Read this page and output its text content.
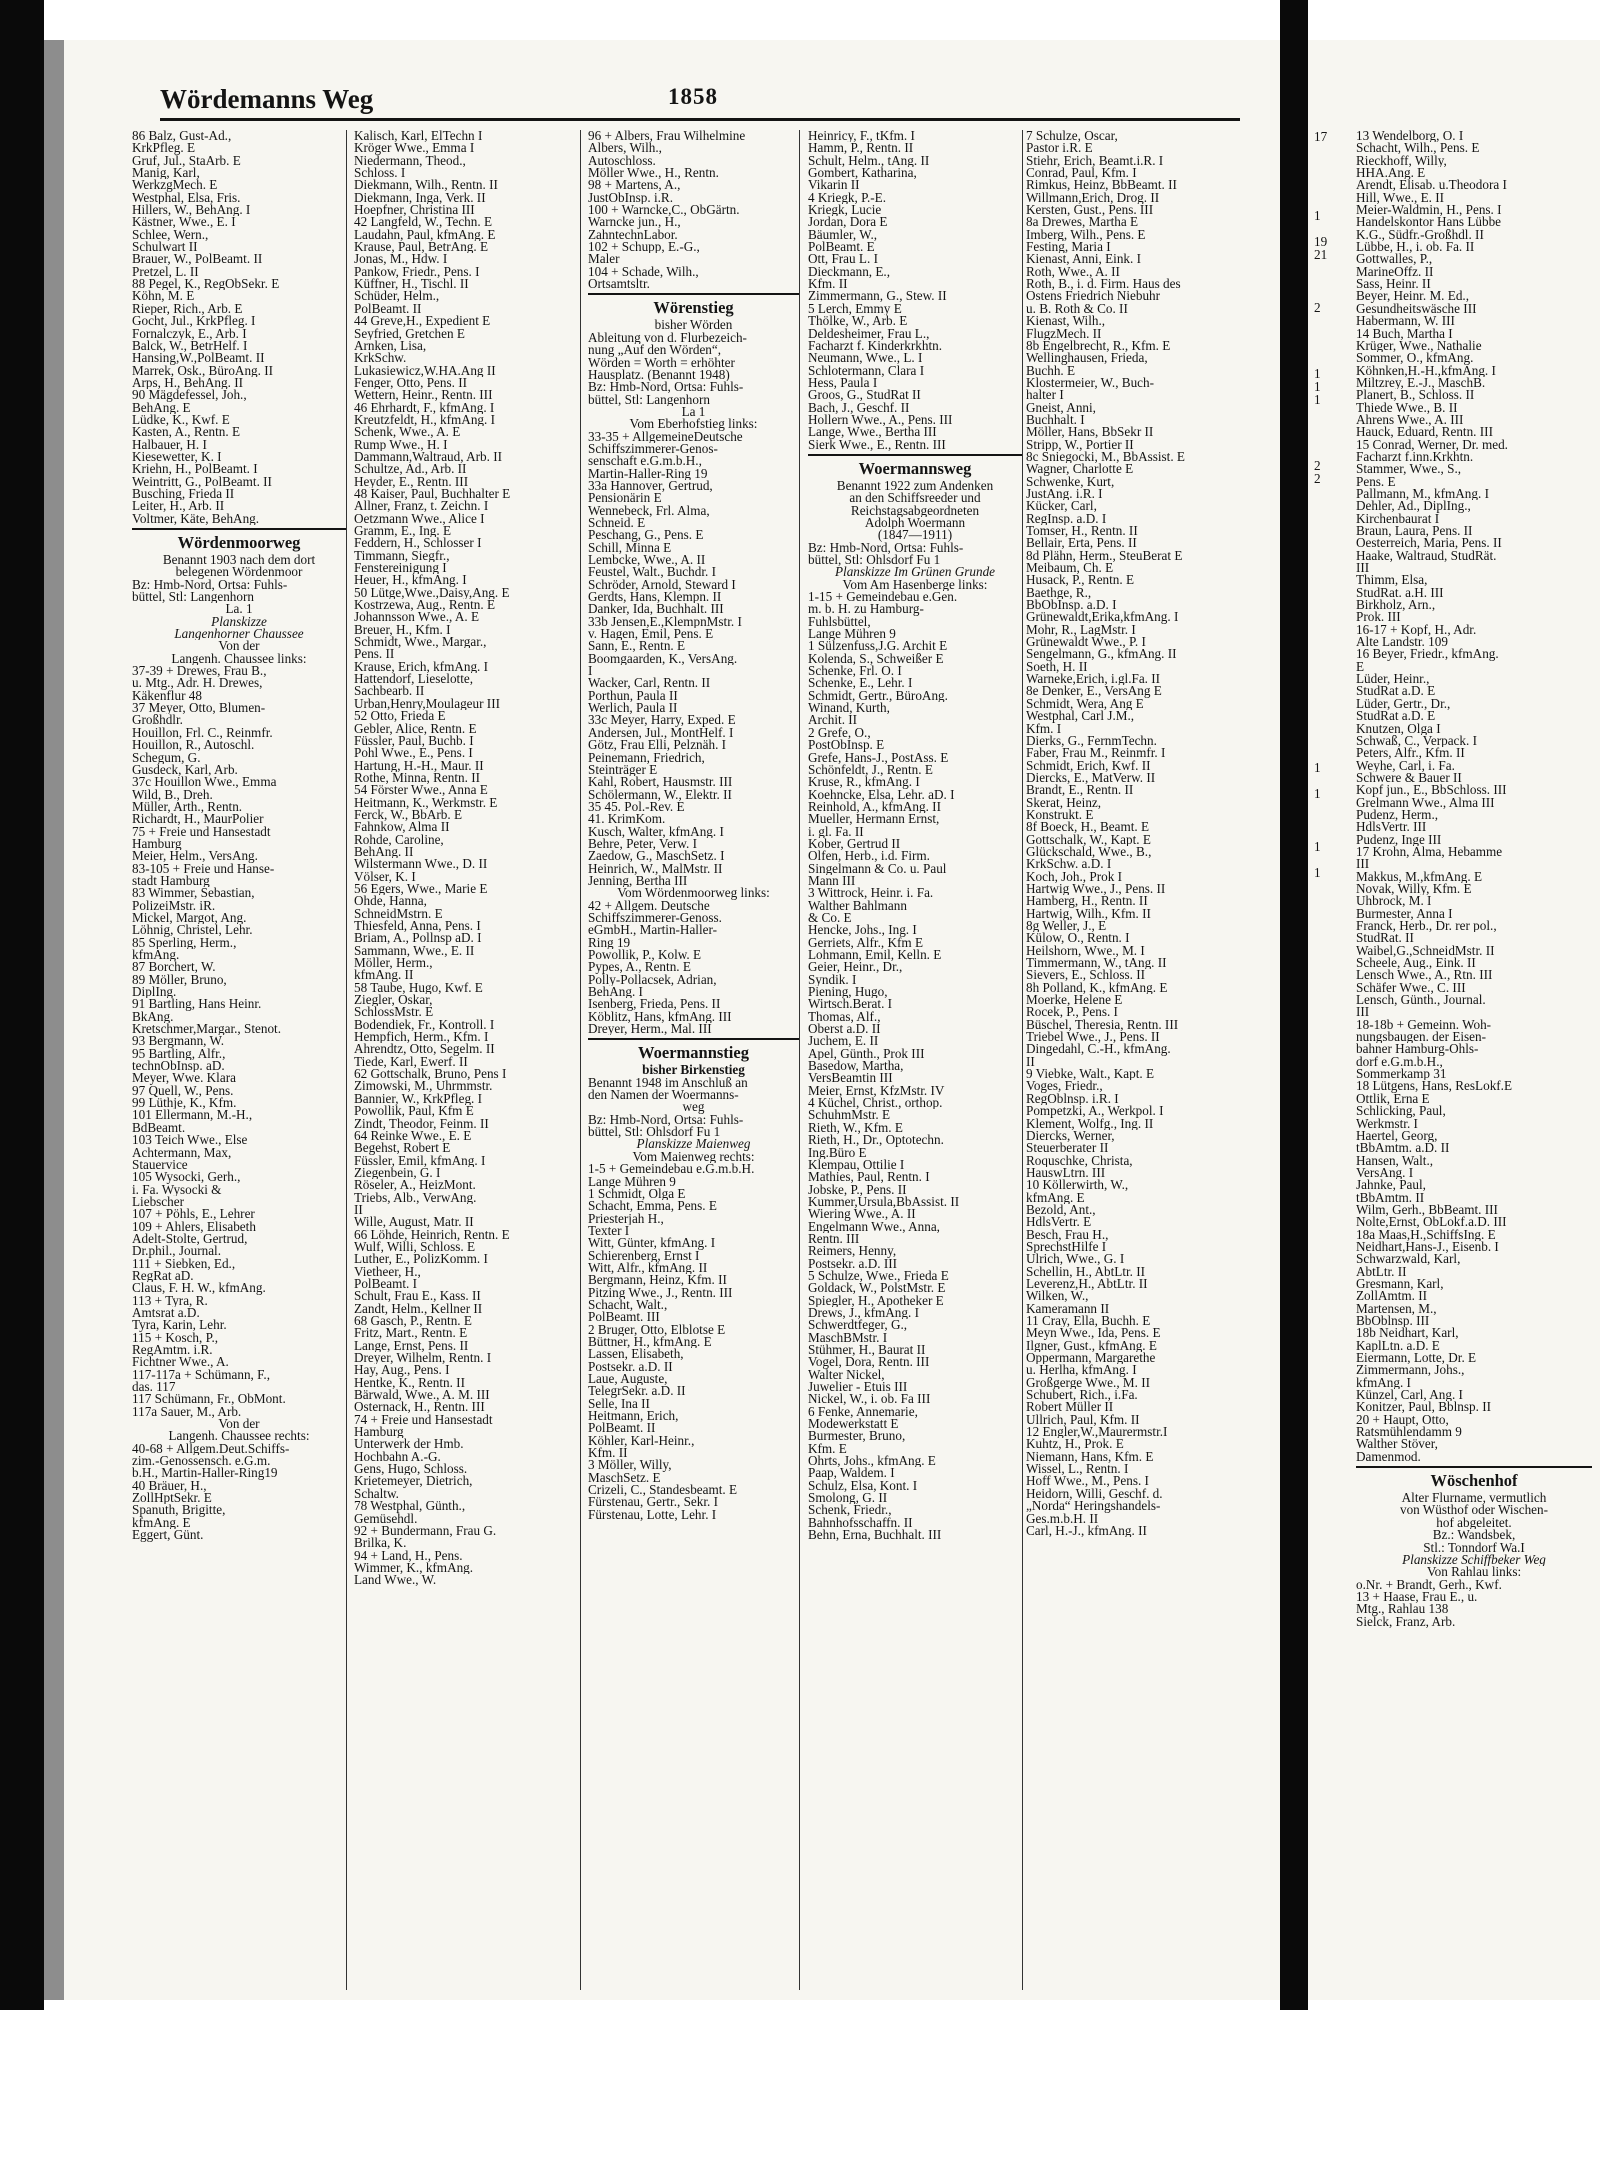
17
1
19
21
2
1
1
1
2
2
1
1
1
1
Wördemanns Weg	1858
86 Balz, Gust-Ad.,
KrkPfleg. E
Gruf, Jul., StaArb. E
Manig, Karl,
WerkzgMech. E
Westphal, Elsa, Fris.
Hillers, W., BehAng. I
Kästner, Wwe., E. I
Schlee, Wern.,
Schulwart II
Brauer, W., PolBeamt. II
Pretzel, L. II
88 Pegel, K., RegObSekr. E
Köhn, M. E
Rieper, Rich., Arb. E
Gocht, Jul., KrkPfleg. I
Fornalczyk, E., Arb. I
Balck, W., BetrHelf. I
Hansing,W.,PolBeamt. II
Marrek, Osk., BüroAng. II
Arps, H., BehAng. II
90 Mägdefessel, Joh.,
BehAng. E
Lüdke, K., Kwf. E
Kasten, A., Rentn. E
Halbauer, H. I
Kiesewetter, K. I
Kriehn, H., PolBeamt. I
Weintritt, G., PolBeamt. II
Busching, Frieda II
Leiter, H., Arb. II
Voltmer, Käte, BehAng.
Wördenmoorweg
Benannt 1903 nach dem dort
belegenen Wördenmoor
Bz: Hmb-Nord, Ortsa: Fuhls-
büttel, Stl: Langenhorn
La. 1
Planskizze
Langenhorner Chaussee
Von der
Langenh. Chaussee links:
37-39 + Drewes, Frau B.,
u. Mtg., Adr. H. Drewes,
Käkenflur 48
37 Meyer, Otto, Blumen-
Großhdlr.
Houillon, Frl. C., Reinmfr.
Houillon, R., Autoschl.
Schegum, G.
Gusdeck, Karl, Arb.
37c Houillon Wwe., Emma
Wild, B., Dreh.
Müller, Arth., Rentn.
Richardt, H., MaurPolier
75 + Freie und Hansestadt
Hamburg
Meier, Helm., VersAng.
83-105 + Freie und Hanse-
stadt Hamburg
83 Wimmer, Sebastian,
PolizeiMstr. iR.
Mickel, Margot, Ang.
Löhnig, Christel, Lehr.
85 Sperling, Herm.,
kfmAng.
87 Borchert, W.
89 Möller, Bruno,
DiplIng.
91 Bartling, Hans Heinr.
BkAng.
Kretschmer,Margar., Stenot.
93 Bergmann, W.
95 Bartling, Alfr.,
technObInsp. aD.
Meyer, Wwe. Klara
97 Quell, W., Pens.
99 Lüthje, K., Kfm.
101 Ellermann, M.-H.,
BdBeamt.
103 Teich Wwe., Else
Achtermann, Max,
Stauervice
105 Wysocki, Gerh.,
i. Fa. Wysocki &
Liebscher
107 + Pöhls, E., Lehrer
109 + Ahlers, Elisabeth
Adelt-Stolte, Gertrud,
Dr.phil., Journal.
111 + Siebken, Ed.,
RegRat aD.
Claus, F. H. W., kfmAng.
113 + Tyra, R.
Amtsrat a.D.
Tyra, Karin, Lehr.
115 + Kosch, P.,
RegAmtm. i.R.
Fichtner Wwe., A.
117-117a + Schümann, F.,
das. 117
117 Schümann, Fr., ObMont.
117a Sauer, M., Arb.
Von der
Langenh. Chaussee rechts:
40-68 + Allgem.Deut.Schiffs-
zim.-Genossensch. e.G.m.
b.H., Martin-Haller-Ring19
40 Bräuer, H.,
ZollHptSekr. E
Spanuth, Brigitte,
kfmAng. E
Eggert, Günt.
Kalisch, Karl, ElTechn I
Kröger Wwe., Emma I
Niedermann, Theod.,
Schloss. I
Diekmann, Wilh., Rentn. II
Diekmann, Inga, Verk. II
Hoepfner, Christina III
42 Langfeld, W., Techn. E
Laudahn, Paul, kfmAng. E
Krause, Paul, BetrAng. E
Jonas, M., Hdw. I
Pankow, Friedr., Pens. I
Küffner, H., Tischl. II
Schüder, Helm.,
PolBeamt. II
44 Greve,H., Expedient E
Seyfried, Gretchen E
Arnken, Lisa,
KrkSchw.
Lukasiewicz,W.HA.Ang II
Fenger, Otto, Pens. II
Wettern, Heinr., Rentn. III
46 Ehrhardt, F., kfmAng. I
Kreutzfeldt, H., kfmAng. I
Schenk, Wwe., A. E
Rump Wwe., H. I
Dammann,Waltraud, Arb. II
Schultze, Ad., Arb. II
Heyder, E., Rentn. III
48 Kaiser, Paul, Buchhalter E
Allner, Franz, t. Zeichn. I
Oetzmann Wwe., Alice I
Gramm, E., Ing. E
Feddern, H., Schlosser I
Timmann, Siegfr.,
Fenstereinigung I
Heuer, H., kfmAng. I
50 Lütge,Wwe.,Daisy,Ang. E
Kostrzewa, Aug., Rentn. E
Johannsson Wwe., A. E
Breuer, H., Kfm. I
Schmidt, Wwe., Margar.,
Pens. II
Krause, Erich, kfmAng. I
Hattendorf, Lieselotte,
Sachbearb. II
Urban,Henry,Moulageur III
52 Otto, Frieda E
Gebler, Alice, Rentn. E
Füssler, Paul, Buchb. I
Pohl Wwe., E., Pens. I
Hartung, H.-H., Maur. II
Rothe, Minna, Rentn. II
54 Förster Wwe., Anna E
Heitmann, K., Werkmstr. E
Ferck, W., BbArb. E
Fahnkow, Alma II
Rohde, Caroline,
BehAng. II
Wilstermann Wwe., D. II
Völser, K. I
56 Egers, Wwe., Marie E
Ohde, Hanna,
SchneidMstrn. E
Thiesfeld, Anna, Pens. I
Briam, A., Pollnsp aD. I
Sammann, Wwe., E. II
Möller, Herm.,
kfmAng. II
58 Taube, Hugo, Kwf. E
Ziegler, Oskar,
SchlossMstr. E
Bodendiek, Fr., Kontroll. I
Hempfich, Herm., Kfm. I
Ahrendtz, Otto, Segelm. II
Tiede, Karl, Ewerf. II
62 Gottschalk, Bruno, Pens I
Zimowski, M., Uhrmmstr.
Bannier, W., KrkPfleg. I
Powollik, Paul, Kfm E
Zindt, Theodor, Feinm. II
64 Reinke Wwe., E. E
Begehst, Robert E
Füssler, Emil, kfmAng. I
Ziegenbein, G. I
Röseler, A., HeizMont.
Triebs, Alb., VerwAng.
II
Wille, August, Matr. II
66 Löhde, Heinrich, Rentn. E
Wulf, Willi, Schloss. E
Luther, E., PolizKomm. I
Vietheer, H.,
PolBeamt. I
Schult, Frau E., Kass. II
Zandt, Helm., Kellner II
68 Gasch, P., Rentn. E
Fritz, Mart., Rentn. E
Lange, Ernst, Pens. II
Dreyer, Wilhelm, Rentn. I
Hay, Aug., Pens. I
Hentke, K., Rentn. II
Bärwald, Wwe., A. M. III
Osternack, H., Rentn. III
74 + Freie und Hansestadt
Hamburg
Unterwerk der Hmb.
Hochbahn A.-G.
Gens, Hugo, Schloss.
Krietemeyer, Dietrich,
Schaltw.
78 Westphal, Günth.,
Gemüsehdl.
92 + Bundermann, Frau G.
Brilka, K.
94 + Land, H., Pens.
Wimmer, K., kfmAng.
Land Wwe., W.
96 + Albers, Frau Wilhelmine
Albers, Wilh.,
Autoschloss.
Möller Wwe., H., Rentn.
98 + Martens, A.,
JustObInsp. i.R.
100 + Warncke,C., ObGärtn.
Warncke jun., H.,
ZahntechnLabor.
102 + Schupp, E.-G.,
Maler
104 + Schade, Wilh.,
Ortsamtsltr.
Wörenstieg
bisher Wörden
Ableitung von d. Flurbezeich-
nung „Auf den Wörden“,
Wörden = Worth = erhöhter
Hausplatz. (Benannt 1948)
Bz: Hmb-Nord, Ortsa: Fuhls-
büttel, Stl: Langenhorn
La 1
Vom Eberhofstieg links:
33-35 + AllgemeineDeutsche
Schiffszimmerer-Genos-
senschaft e.G.m.b.H.,
Martin-Haller-Ring 19
33a Hannover, Gertrud,
Pensionärin E
Wennebeck, Frl. Alma,
Schneid. E
Peschang, G., Pens. E
Schill, Minna E
Lembcke, Wwe., A. II
Feustel, Walt., Buchdr. I
Schröder, Arnold, Steward I
Gerdts, Hans, Klempn. II
Danker, Ida, Buchhalt. III
33b Jensen,E.,KlempnMstr. I
v. Hagen, Emil, Pens. E
Sann, E., Rentn. E
Boomgaarden, K., VersAng.
I
Wacker, Carl, Rentn. II
Porthun, Paula II
Werlich, Paula II
33c Meyer, Harry, Exped. E
Andersen, Jul., MontHelf. I
Götz, Frau Elli, Pelznäh. I
Peinemann, Friedrich,
Steinträger E
Kahl, Robert, Hausmstr. III
Schölermann, W., Elektr. II
35 45. Pol.-Rev. E
41. KrimKom.
Kusch, Walter, kfmAng. I
Behre, Peter, Verw. I
Zaedow, G., MaschSetz. I
Heinrich, W., MalMstr. II
Jenning, Bertha III
Vom Wördenmoorweg links:
42 + Allgem. Deutsche
Schiffszimmerer-Genoss.
eGmbH., Martin-Haller-
Ring 19
Powollik, P., Kolw. E
Pypes, A., Rentn. E
Polly-Pollacsek, Adrian,
BehAng. I
Isenberg, Frieda, Pens. II
Köblitz, Hans, kfmAng. III
Dreyer, Herm., Mal. III
Woermannstieg
bisher Birkenstieg
Benannt 1948 im Anschluß an
den Namen der Woermanns-
weg
Bz: Hmb-Nord, Ortsa: Fuhls-
büttel, Stl: Ohlsdorf Fu 1
Planskizze Maienweg
Vom Maienweg rechts:
1-5 + Gemeindebau e.G.m.b.H.
Lange Mühren 9
1 Schmidt, Olga E
Schacht, Emma, Pens. E
Priesterjah H.,
Texter I
Witt, Günter, kfmAng. I
Schierenberg, Ernst I
Witt, Alfr., kfmAng. II
Bergmann, Heinz, Kfm. II
Pitzing Wwe., J., Rentn. III
Schacht, Walt.,
PolBeamt. III
2 Bruger, Otto, Elblotse E
Büttner, H., kfmAng. E
Lassen, Elisabeth,
Postsekr. a.D. II
Laue, Auguste,
TelegrSekr. a.D. II
Selle, Ina II
Heitmann, Erich,
PolBeamt. II
Köhler, Karl-Heinr.,
Kfm. II
3 Möller, Willy,
MaschSetz. E
Crizeli, C., Standesbeamt. E
Fürstenau, Gertr., Sekr. I
Fürstenau, Lotte, Lehr. I
Heinricy, F., tKfm. I
Hamm, P., Rentn. II
Schult, Helm., tAng. II
Gombert, Katharina,
Vikarin II
4 Kriegk, P.-E.
Kriegk, Lucie
Jordan, Dora E
Bäumler, W.,
PolBeamt. E
Ott, Frau L. I
Dieckmann, E.,
Kfm. II
Zimmermann, G., Stew. II
5 Lerch, Emmy E
Thölke, W., Arb. E
Deldesheimer, Frau L.,
Facharzt f. Kinderkrkhtn.
Neumann, Wwe., L. I
Schlotermann, Clara I
Hess, Paula I
Groos, G., StudRat II
Bach, J., Geschf. II
Hollern Wwe., A., Pens. III
Lange, Wwe., Bertha III
Sierk Wwe., E., Rentn. III
Woermannsweg
Benannt 1922 zum Andenken
an den Schiffsreeder und
Reichstagsabgeordneten
Adolph Woermann
(1847—1911)
Bz: Hmb-Nord, Ortsa: Fuhls-
büttel, Stl: Ohlsdorf Fu 1
Planskizze Im Grünen Grunde
Vom Am Hasenberge links:
1-15 + Gemeindebau e.Gen.
m. b. H. zu Hamburg-
Fuhlsbüttel,
Lange Mühren 9
1 Sülzenfuss,J.G. Archit E
Kolenda, S., Schweißer E
Schenke, Frl. O. I
Schenke, E., Lehr. I
Schmidt, Gertr., BüroAng.
Winand, Kurth,
Archit. II
2 Grefe, O.,
PostObInsp. E
Grefe, Hans-J., PostAss. E
Schönfeldt, J., Rentn. E
Kruse, R., kfmAng. I
Koehncke, Elsa, Lehr. aD. I
Reinhold, A., kfmAng. II
Mueller, Hermann Ernst,
i. gl. Fa. II
Kober, Gertrud II
Olfen, Herb., i.d. Firm.
Singelmann & Co. u. Paul
Mann III
3 Wittrock, Heinr. i. Fa.
Walther Bahlmann
& Co. E
Hencke, Johs., Ing. I
Gerriets, Alfr., Kfm E
Lohmann, Emil, Kelln. E
Geier, Heinr., Dr.,
Syndik. I
Piening, Hugo,
Wirtsch.Berat. I
Thomas, Alf.,
Oberst a.D. II
Juchem, E. II
Apel, Günth., Prok III
Basedow, Martha,
VersBeamtin III
Meier, Ernst, KfzMstr. IV
4 Küchel, Christ., orthop.
SchuhmMstr. E
Rieth, W., Kfm. E
Rieth, H., Dr., Optotechn.
Ing.Büro E
Klempau, Ottilie I
Mathies, Paul, Rentn. I
Jobske, P., Pens. II
Kummer,Ursula,BbAssist. II
Wiering Wwe., A. II
Engelmann Wwe., Anna,
Rentn. III
Reimers, Henny,
Postsekr. a.D. III
5 Schulze, Wwe., Frieda E
Goldack, W., PolstMstr. E
Spiegler, H., Apotheker E
Drews, J., kfmAng. I
Schwerdtfeger, G.,
MaschBMstr. I
Stühmer, H., Baurat II
Vogel, Dora, Rentn. III
Walter Nickel,
Juwelier - Etuis III
Nickel, W., i. ob. Fa III
6 Fenke, Annemarie,
Modewerkstatt E
Burmester, Bruno,
Kfm. E
Ohrts, Johs., kfmAng. E
Paap, Waldem. I
Schulz, Elsa, Kont. I
Smolong, G. II
Schenk, Friedr.,
Bahnhofsschaffn. II
Behn, Erna, Buchhalt. III
7 Schulze, Oscar,
Pastor i.R. E
Stiehr, Erich, Beamt.i.R. I
Conrad, Paul, Kfm. I
Rimkus, Heinz, BbBeamt. II
Willmann,Erich, Drog. II
Kersten, Gust., Pens. III
8a Drewes, Martha E
Imberg, Wilh., Pens. E
Festing, Maria I
Kienast, Anni, Eink. I
Roth, Wwe., A. II
Roth, B., i. d. Firm. Haus des
Ostens Friedrich Niebuhr
u. B. Roth & Co. II
Kienast, Wilh.,
FlugzMech. II
8b Engelbrecht, R., Kfm. E
Wellinghausen, Frieda,
Buchh. E
Klostermeier, W., Buch-
halter I
Gneist, Anni,
Buchhalt. I
Möller, Hans, BbSekr II
Stripp, W., Portier II
8c Sniegocki, M., BbAssist. E
Wagner, Charlotte E
Schwenke, Kurt,
JustAng. i.R. I
Kücker, Carl,
RegInsp. a.D. I
Tomser, H., Rentn. II
Bellair, Erta, Pens. II
8d Plähn, Herm., SteuBerat E
Meibaum, Ch. E
Husack, P., Rentn. E
Baethge, R.,
BbObInsp. a.D. I
Grünewaldt,Erika,kfmAng. I
Mohr, R., LagMstr. I
Grünewaldt Wwe., P. I
Sengelmann, G., kfmAng. II
Soeth, H. II
Warneke,Erich, i.gl.Fa. II
8e Denker, E., VersAng E
Schmidt, Wera, Ang E
Westphal, Carl J.M.,
Kfm. I
Dierks, G., FernmTechn.
Faber, Frau M., Reinmfr. I
Schmidt, Erich, Kwf. II
Diercks, E., MatVerw. II
Brandt, E., Rentn. II
Skerat, Heinz,
Konstrukt. E
8f Boeck, H., Beamt. E
Gottschalk, W., Kapt. E
Glückschald, Wwe., B.,
KrkSchw. a.D. I
Koch, Joh., Prok I
Hartwig Wwe., J., Pens. II
Hamberg, H., Rentn. II
Hartwig, Wilh., Kfm. II
8g Weller, J., E
Külow, O., Rentn. I
Heilshorn, Wwe., M. I
Timmermann, W., tAng. II
Sievers, E., Schloss. II
8h Polland, K., kfmAng. E
Moerke, Helene E
Rocek, P., Pens. I
Büschel, Theresia, Rentn. III
Triebel Wwe., J., Pens. II
Dingedahl, C.-H., kfmAng.
II
9 Viebke, Walt., Kapt. E
Voges, Friedr.,
RegOblnsp. i.R. I
Pompetzki, A., Werkpol. I
Klement, Wolfg., Ing. II
Diercks, Werner,
Steuerberater II
Roquschke, Christa,
HauswLtrn. III
10 Köllerwirth, W.,
kfmAng. E
Bezold, Ant.,
HdlsVertr. E
Besch, Frau H.,
SprechstHilfe I
Ulrich, Wwe., G. I
Schellin, H., AbtLtr. II
Leverenz,H., AbtLtr. II
Wilken, W.,
Kameramann II
11 Cray, Ella, Buchh. E
Meyn Wwe., Ida, Pens. E
Ilgner, Gust., kfmAng. E
Oppermann, Margarethe
u. Herlha, kfmAng. I
Großgerge Wwe., M. II
Schubert, Rich., i.Fa.
Robert Müller II
Ullrich, Paul, Kfm. II
12 Engler,W.,Maurermstr.I
Kuhtz, H., Prok. E
Niemann, Hans, Kfm. E
Wissel, L., Rentn. I
Hoff Wwe., M., Pens. I
Heidorn, Willi, Geschf. d.
„Norda“ Heringshandels-
Ges.m.b.H. II
Carl, H.-J., kfmAng. II
13 Wendelborg, O. I
Schacht, Wilh., Pens. E
Rieckhoff, Willy,
HHA.Ang. E
Arendt, Elisab. u.Theodora I
Hill, Wwe., E. II
Meier-Waldmin, H., Pens. I
Handelskontor Hans Lübbe
K.G., Südfr.-Großhdl. II
Lübbe, H., i. ob. Fa. II
Gottwalles, P.,
MarineOffz. II
Sass, Heinr. II
Beyer, Heinr. M. Ed.,
Gesundheitswäsche III
Habermann, W. III
14 Buch, Martha I
Krüger, Wwe., Nathalie
Sommer, O., kfmAng.
Köhnken,H.-H.,kfmAng. I
Miltzrey, E.-J., MaschB.
Planert, B., Schloss. II
Thiede Wwe., B. II
Ahrens Wwe., A. III
Hauck, Eduard, Rentn. III
15 Conrad, Werner, Dr. med.
Facharzt f.inn.Krkhtn.
Stammer, Wwe., S.,
Pens. E
Pallmann, M., kfmAng. I
Dehler, Ad., DiplIng.,
Kirchenbaurat I
Braun, Laura, Pens. II
Oesterreich, Maria, Pens. II
Haake, Waltraud, StudRät.
III
Thimm, Elsa,
StudRat. a.H. III
Birkholz, Arn.,
Prok. III
16-17 + Kopf, H., Adr.
Alte Landstr. 109
16 Beyer, Friedr., kfmAng.
E
Lüder, Heinr.,
StudRat a.D. E
Lüder, Gertr., Dr.,
StudRat a.D. E
Knutzen, Olga I
Schwaß, C., Verpack. I
Peters, Alfr., Kfm. II
Weyhe, Carl, i. Fa.
Schwere & Bauer II
Kopf jun., E., BbSchloss. III
Grelmann Wwe., Alma III
Pudenz, Herm.,
HdlsVertr. III
Pudenz, Inge III
17 Krohn, Alma, Hebamme
III
Makkus, M.,kfmAng. E
Novak, Willy, Kfm. E
Uhbrock, M. I
Burmester, Anna I
Franck, Herb., Dr. rer pol.,
StudRat. II
Waibel,G.,SchneidMstr. II
Scheele, Aug., Eink. II
Lensch Wwe., A., Rtn. III
Schäfer Wwe., C. III
Lensch, Günth., Journal.
III
18-18b + Gemeinn. Woh-
nungsbaugen. der Eisen-
bahner Hamburg-Ohls-
dorf e.G.m.b.H.,
Sommerkamp 31
18 Lütgens, Hans, ResLokf.E
Ottlik, Erna E
Schlicking, Paul,
Werkmstr. I
Haertel, Georg,
tBbAmtm. a.D. II
Hansen, Walt.,
VersAng. I
Jahnke, Paul,
tBbAmtm. II
Wilm, Gerh., BbBeamt. III
Nolte,Ernst, ObLokf.a.D. III
18a Maas,H.,SchiffsIng. E
Neidhart,Hans-J., Eisenb. I
Schwarzwald, Karl,
AbtLtr. II
Gresmann, Karl,
ZollAmtm. II
Martensen, M.,
BbOblnsp. III
18b Neidhart, Karl,
KaplLtn. a.D. E
Eiermann, Lotte, Dr. E
Zimmermann, Johs.,
kfmAng. I
Künzel, Carl, Ang. I
Konitzer, Paul, Bblnsp. II
20 + Haupt, Otto,
Ratsmühlendamm 9
Walther Stöver,
Damenmod.
Wöschenhof
Alter Flurname, vermutlich
von Wüsthof oder Wischen-
hof abgeleitet.
Bz.: Wandsbek,
Stl.: Tonndorf Wa.I
Planskizze Schiffbeker Weg
Von Rahlau links:
o.Nr. + Brandt, Gerh., Kwf.
13 + Haase, Frau E., u.
Mtg., Rahlau 138
Sielck, Franz, Arb.
